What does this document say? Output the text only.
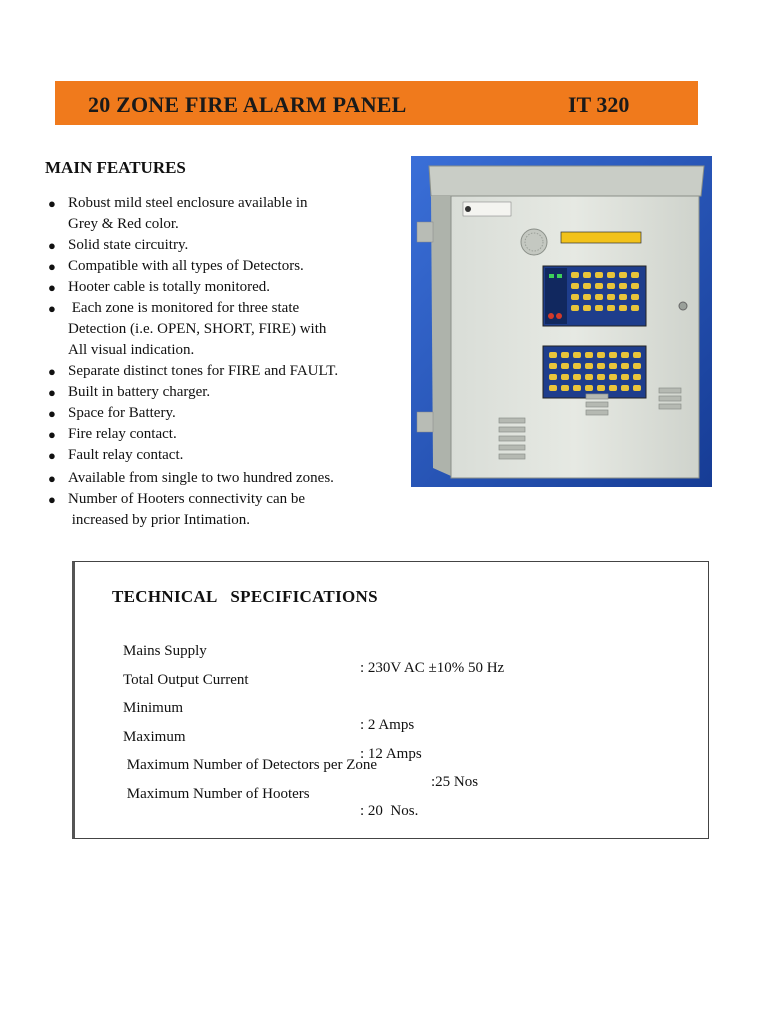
20 ZONE FIRE ALARM PANEL	IT 320
MAIN FEATURES
● Robust mild steel enclosure available in
Grey & Red color.
● Solid state circuitry.
● Compatible with all types of Detectors.
● Hooter cable is totally monitored.
● Each zone is monitored for three state
Detection (i.e. OPEN, SHORT, FIRE) with
All visual indication.
● Separate distinct tones for FIRE and FAULT.
● Built in battery charger.
● Space for Battery.
● Fire relay contact.
● Fault relay contact.
● Available from single to two hundred zones.
● Number of Hooters connectivity can be
increased by prior Intimation.
TECHNICAL   SPECIFICATIONS

Mains Supply

: 230V AC ±10% 50 Hz

Total Output Current

Minimum

: 2 Amps

Maximum

: 12 Amps

Maximum Number of Detectors per Zone

:25 Nos

Maximum Number of Hooters

: 20  Nos.
